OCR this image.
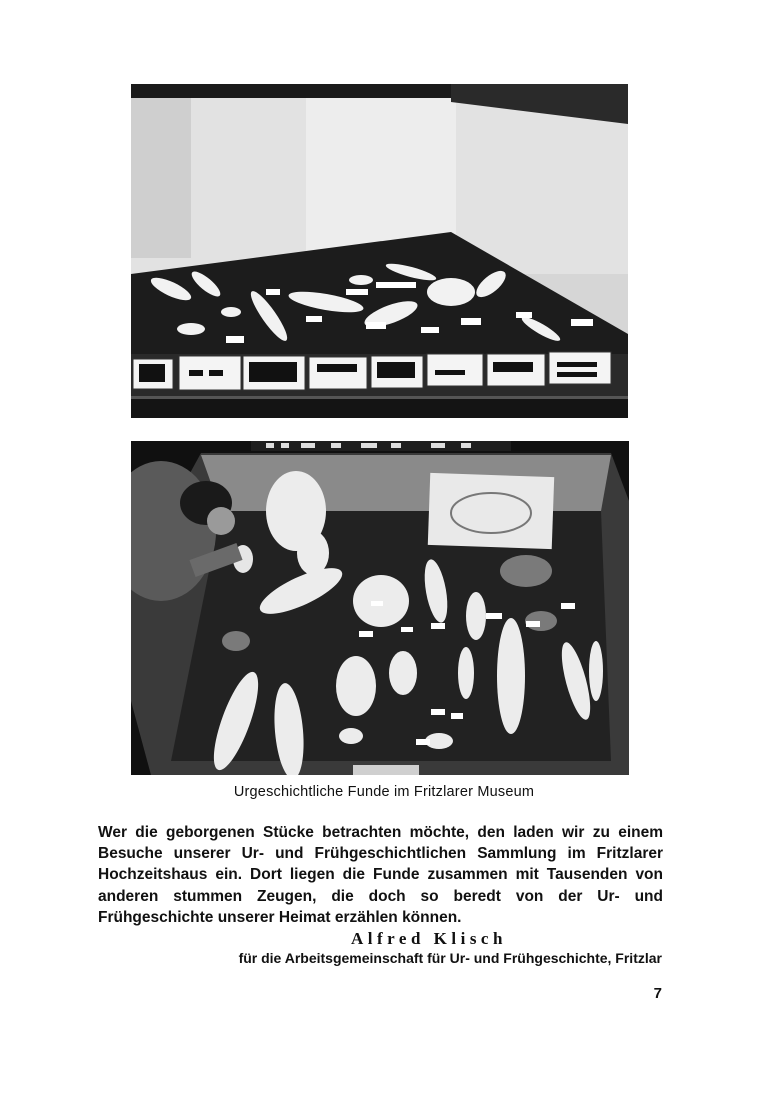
Urgeschichtliche Funde im Fritzlarer Museum

Wer die geborgenen Stücke betrachten möchte, den laden wir zu einem Besuche unserer Ur- und Frühgeschichtlichen Sammlung im Fritzlarer Hochzeitshaus ein. Dort liegen die Funde zusammen mit Tausenden von anderen stummen Zeugen, die doch so beredt von der Ur- und Frühgeschichte unserer Heimat erzählen können.

Alfred Klisch
für die Arbeitsgemeinschaft für Ur- und Frühgeschichte, Fritzlar
7
